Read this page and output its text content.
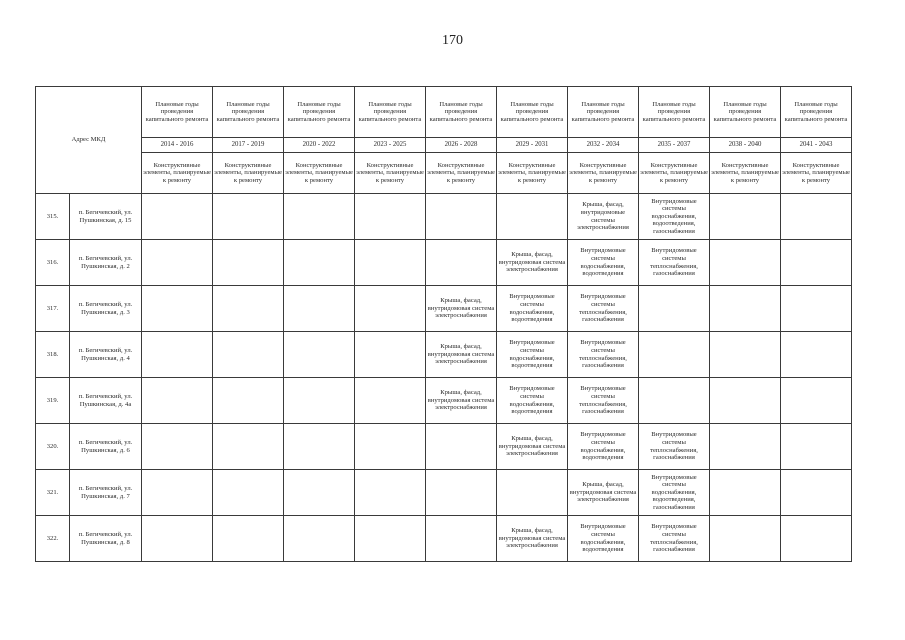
170
Адрес МКД		Плановые годы проведения капитального ремонта	Плановые годы проведения капитального ремонта	Плановые годы проведения капитального ремонта	Плановые годы проведения капитального ремонта	Плановые годы проведения капитального ремонта	Плановые годы проведения капитального ремонта	Плановые годы проведения капитального ремонта	Плановые годы проведения капитального ремонта	Плановые годы проведения капитального ремонта	Плановые годы проведения капитального ремонта
		2014 - 2016	2017 - 2019	2020 - 2022	2023 - 2025	2026 - 2028	2029 - 2031	2032 - 2034	2035 - 2037	2038 - 2040	2041 - 2043
		Конструктивные элементы, планируемые к ремонту	Конструктивные элементы, планируемые к ремонту	Конструктивные элементы, планируемые к ремонту	Конструктивные элементы, планируемые к ремонту	Конструктивные элементы, планируемые к ремонту	Конструктивные элементы, планируемые к ремонту	Конструктивные элементы, планируемые к ремонту	Конструктивные элементы, планируемые к ремонту	Конструктивные элементы, планируемые к ремонту	Конструктивные элементы, планируемые к ремонту
315.	п. Бегичевский, ул. Пушкинская, д. 15							Крыша, фасад, внутридомовые системы электроснабжения	Внутридомовые системы водоснабжения, водоотведения, газоснабжения		
316.	п. Бегичевский, ул. Пушкинская, д. 2						Крыша, фасад, внутридомовая система электроснабжения	Внутридомовые системы водоснабжения, водоотведения	Внутридомовые системы теплоснабжения, газоснабжения		
317.	п. Бегичевский, ул. Пушкинская, д. 3					Крыша, фасад, внутридомовая система электроснабжения	Внутридомовые системы водоснабжения, водоотведения	Внутридомовые системы теплоснабжения, газоснабжения			
318.	п. Бегичевский, ул. Пушкинская, д. 4					Крыша, фасад, внутридомовая система электроснабжения	Внутридомовые системы водоснабжения, водоотведения	Внутридомовые системы теплоснабжения, газоснабжения			
319.	п. Бегичевский, ул. Пушкинская, д. 4а					Крыша, фасад, внутридомовая система электроснабжения	Внутридомовые системы водоснабжения, водоотведения	Внутридомовые системы теплоснабжения, газоснабжения			
320.	п. Бегичевский, ул. Пушкинская, д. 6						Крыша, фасад, внутридомовая система электроснабжения	Внутридомовые системы водоснабжения, водоотведения	Внутридомовые системы теплоснабжения, газоснабжения		
321.	п. Бегичевский, ул. Пушкинская, д. 7							Крыша, фасад, внутридомовая система электроснабжения	Внутридомовые системы водоснабжения, водоотведения, газоснабжения		
322.	п. Бегичевский, ул. Пушкинская, д. 8						Крыша, фасад, внутридомовая система электроснабжения	Внутридомовые системы водоснабжения, водоотведения	Внутридомовые системы теплоснабжения, газоснабжения		
